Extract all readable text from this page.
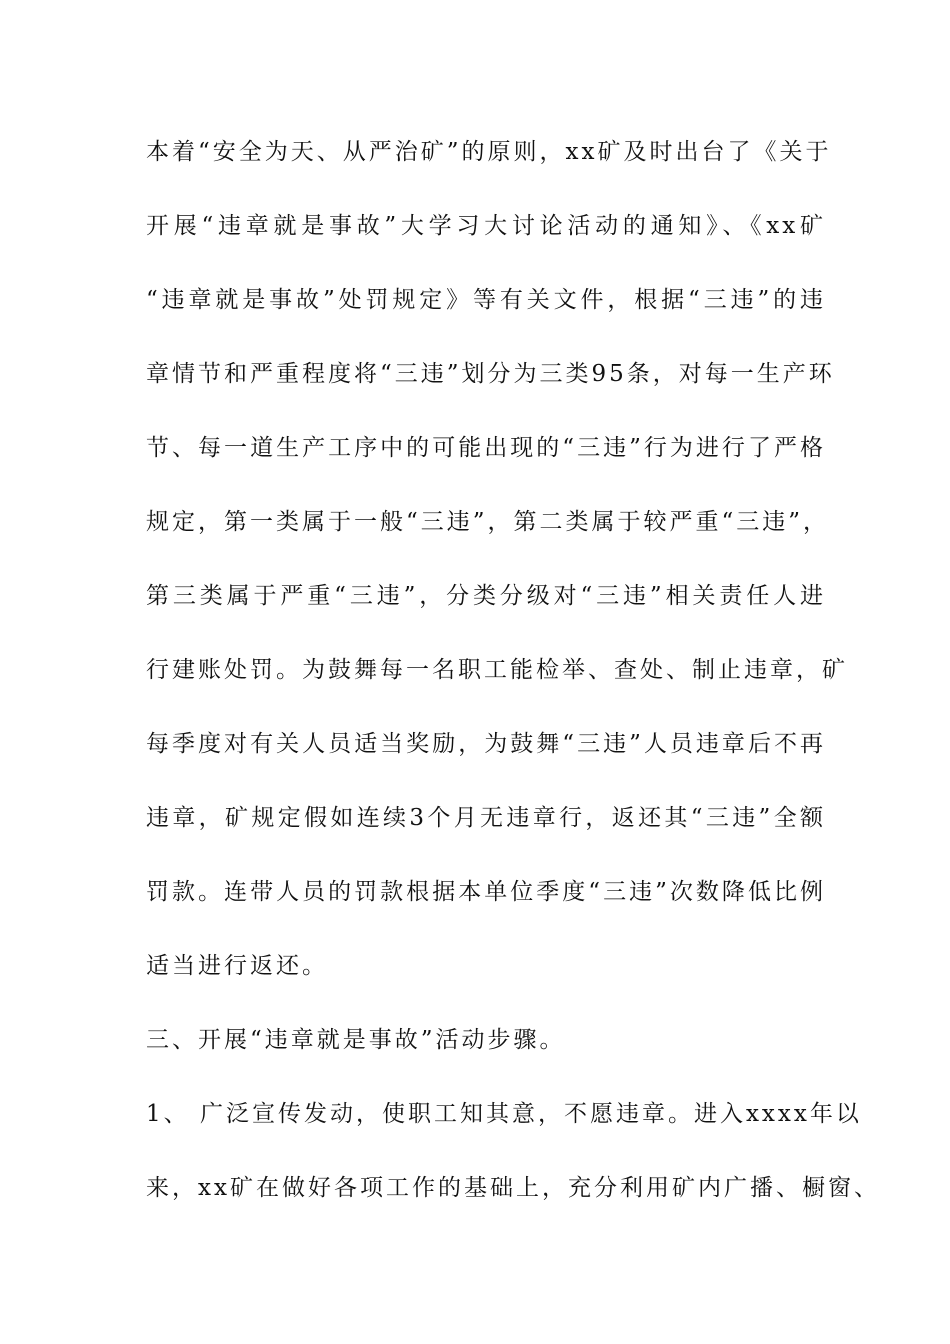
本着“安全为天、从严治矿”的原则，xx矿及时出台了《关于

开展“违章就是事故”大学习大讨论活动的通知》、《xx矿

“违章就是事故”处罚规定》等有关文件，根据“三违”的违

章情节和严重程度将“三违”划分为三类95条，对每一生产环

节、每一道生产工序中的可能出现的“三违”行为进行了严格

规定，第一类属于一般“三违”，第二类属于较严重“三违”，

第三类属于严重“三违”，分类分级对“三违”相关责任人进

行建账处罚。为鼓舞每一名职工能检举、查处、制止违章，矿

每季度对有关人员适当奖励，为鼓舞“三违”人员违章后不再

违章，矿规定假如连续3个月无违章行，返还其“三违”全额

罚款。连带人员的罚款根据本单位季度“三违”次数降低比例

适当进行返还。

三、开展“违章就是事故”活动步骤。

1、 广泛宣传发动，使职工知其意，不愿违章。进入xxxx年以

来，xx矿在做好各项工作的基础上，充分利用矿内广播、橱窗、
